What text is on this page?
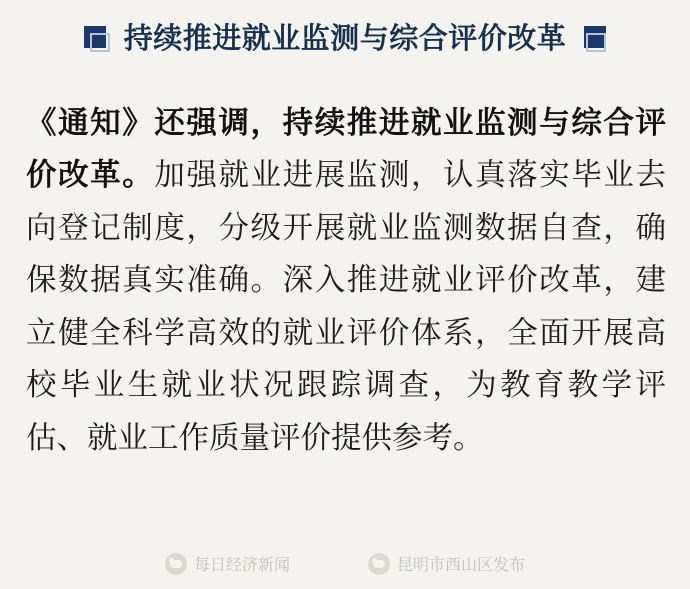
持续推进就业监测与综合评价改革

《通知》还强调，持续推进就业监测与综合评价改革。加强就业进展监测，认真落实毕业去向登记制度，分级开展就业监测数据自查，确保数据真实准确。深入推进就业评价改革，建立健全科学高效的就业评价体系，全面开展高校毕业生就业状况跟踪调查，为教育教学评估、就业工作质量评价提供参考。

每日经济新闻	昆明市西山区发布
